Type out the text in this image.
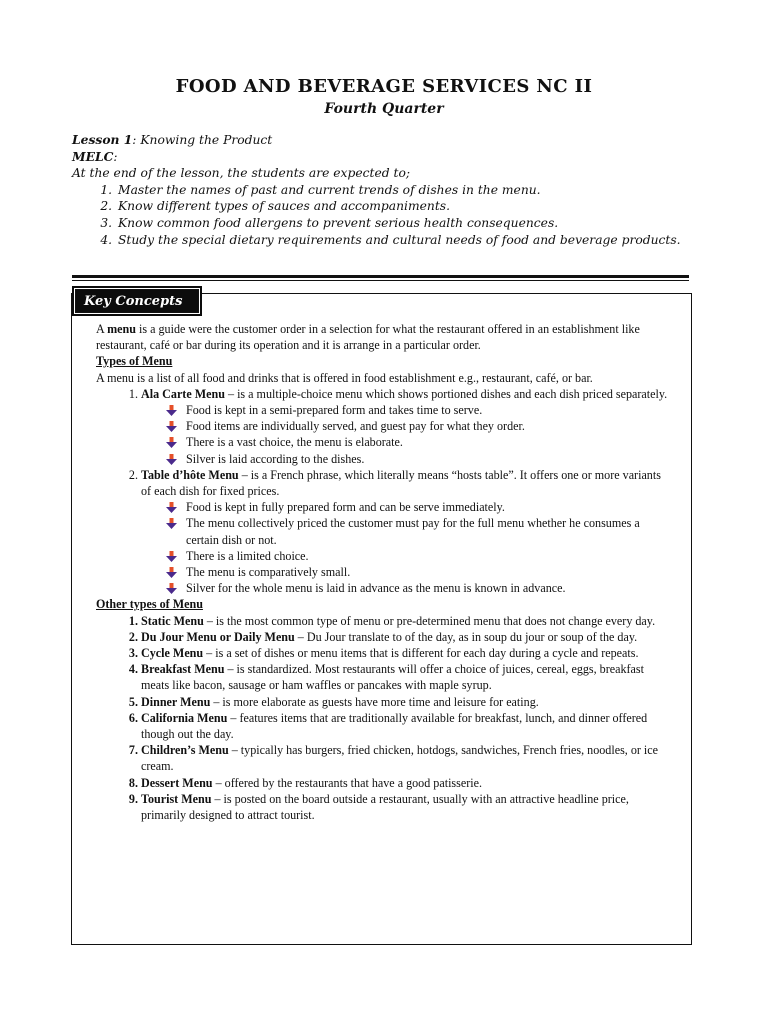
FOOD AND BEVERAGE SERVICES NC II
Fourth Quarter
Lesson 1: Knowing the Product
MELC:
At the end of the lesson, the students are expected to;
1. Master the names of past and current trends of dishes in the menu.
2. Know different types of sauces and accompaniments.
3. Know common food allergens to prevent serious health consequences.
4. Study the special dietary requirements and cultural needs of food and beverage products.
Key Concepts

A menu is a guide were the customer order in a selection for what the restaurant offered in an establishment like restaurant, café or bar during its operation and it is arrange in a particular order.

Types of Menu

A menu is a list of all food and drinks that is offered in food establishment e.g., restaurant, café, or bar.

1. Ala Carte Menu – is a multiple-choice menu which shows portioned dishes and each dish priced separately.
Food is kept in a semi-prepared form and takes time to serve.
Food items are individually served, and guest pay for what they order.
There is a vast choice, the menu is elaborate.
Silver is laid according to the dishes.
2. Table d’hôte Menu – is a French phrase, which literally means “hosts table”. It offers one or more variants of each dish for fixed prices.
Food is kept in fully prepared form and can be serve immediately.
The menu collectively priced the customer must pay for the full menu whether he consumes a certain dish or not.
There is a limited choice.
The menu is comparatively small.
Silver for the whole menu is laid in advance as the menu is known in advance.

Other types of Menu

1. Static Menu – is the most common type of menu or pre-determined menu that does not change every day.
2. Du Jour Menu or Daily Menu – Du Jour translate to of the day, as in soup du jour or soup of the day.
3. Cycle Menu – is a set of dishes or menu items that is different for each day during a cycle and repeats.
4. Breakfast Menu – is standardized. Most restaurants will offer a choice of juices, cereal, eggs, breakfast meats like bacon, sausage or ham waffles or pancakes with maple syrup.
5. Dinner Menu – is more elaborate as guests have more time and leisure for eating.
6. California Menu – features items that are traditionally available for breakfast, lunch, and dinner offered though out the day.
7. Children’s Menu – typically has burgers, fried chicken, hotdogs, sandwiches, French fries, noodles, or ice cream.
8. Dessert Menu – offered by the restaurants that have a good patisserie.
9. Tourist Menu – is posted on the board outside a restaurant, usually with an attractive headline price, primarily designed to attract tourist.
